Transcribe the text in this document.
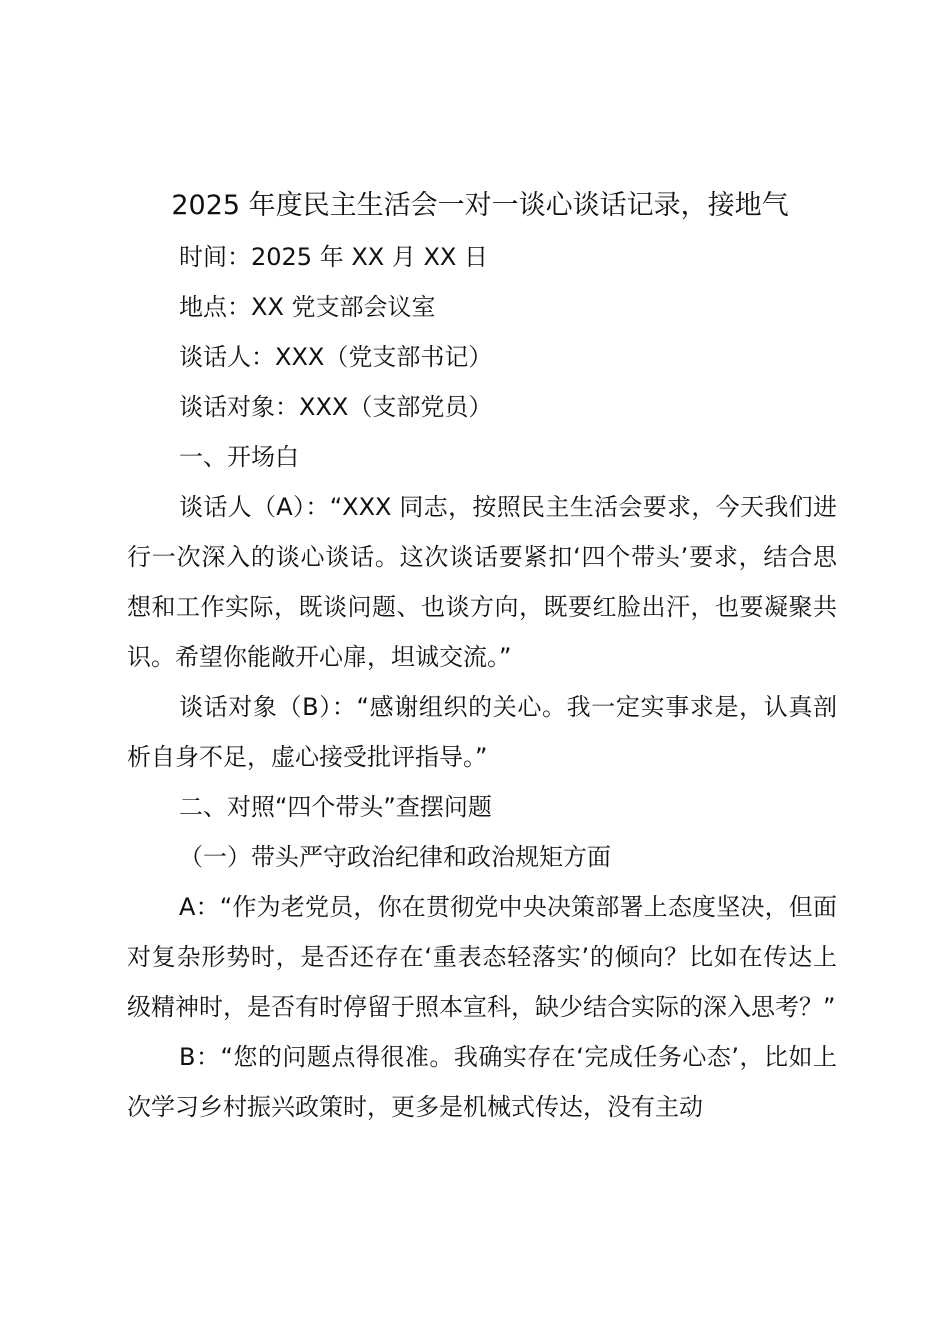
2025 年度民主生活会一对一谈心谈话记录，接地气

时间：2025 年 XX 月 XX 日

地点：XX 党支部会议室

谈话人：XXX（党支部书记）

谈话对象：XXX（支部党员）

一、开场白

谈话人（A）：“XXX 同志，按照民主生活会要求，今天我们进行一次深入的谈心谈话。这次谈话要紧扣‘四个带头’要求，结合思想和工作实际，既谈问题、也谈方向，既要红脸出汗，也要凝聚共识。希望你能敞开心扉，坦诚交流。”

谈话对象（B）：“感谢组织的关心。我一定实事求是，认真剖析自身不足，虚心接受批评指导。”

二、对照“四个带头”查摆问题

（一）带头严守政治纪律和政治规矩方面

A：“作为老党员，你在贯彻党中央决策部署上态度坚决，但面对复杂形势时，是否还存在‘重表态轻落实’的倾向？比如在传达上级精神时，是否有时停留于照本宣科，缺少结合实际的深入思考？”

B：“您的问题点得很准。我确实存在‘完成任务心态’，比如上次学习乡村振兴政策时，更多是机械式传达，没有主动
